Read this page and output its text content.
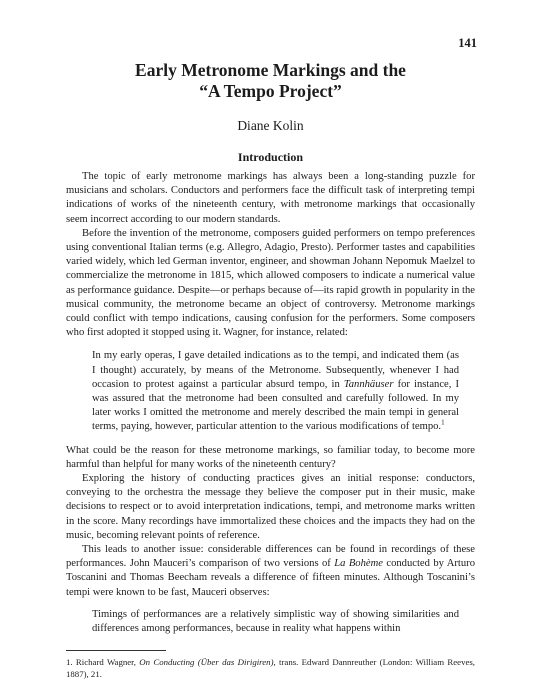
141
Early Metronome Markings and the
“A Tempo Project”
Diane Kolin
Introduction

The topic of early metronome markings has always been a long-standing puzzle for musicians and scholars. Conductors and performers face the difficult task of interpreting tempi indications of works of the nineteenth century, with metronome markings that occasionally seem incorrect according to our modern standards.

Before the invention of the metronome, composers guided performers on tempo preferences using conventional Italian terms (e.g. Allegro, Adagio, Presto). Performer tastes and capabilities varied widely, which led German inventor, engineer, and showman Johann Nepomuk Maelzel to commercialize the metronome in 1815, which allowed composers to indicate a numerical value as performance guidance. Despite—or perhaps because of—its rapid growth in popularity in the musical community, the metronome became an object of controversy. Metronome markings could conflict with tempo indications, causing confusion for the performers. Some composers who first adopted it stopped using it. Wagner, for instance, related:

In my early operas, I gave detailed indications as to the tempi, and indicated them (as I thought) accurately, by means of the Metronome. Subsequently, whenever I had occasion to protest against a particular absurd tempo, in Tannhäuser for instance, I was assured that the metronome had been consulted and carefully followed. In my later works I omitted the metronome and merely described the main tempi in general terms, paying, however, particular attention to the various modifications of tempo.$^1$

What could be the reason for these metronome markings, so familiar today, to become more harmful than helpful for many works of the nineteenth century?

Exploring the history of conducting practices gives an initial response: conductors, conveying to the orchestra the message they believe the composer put in their music, make decisions to respect or to avoid interpretation indications, tempi, and metronome marks written in the score. Many recordings have immortalized these choices and the impacts they had on the music, becoming relevant points of reference.

This leads to another issue: considerable differences can be found in recordings of these performances. John Mauceri’s comparison of two versions of La Bohème conducted by Arturo Toscanini and Thomas Beecham reveals a difference of fifteen minutes. Although Toscanini’s tempi were known to be fast, Mauceri observes:

Timings of performances are a relatively simplistic way of showing similarities and differences among performances, because in reality what happens within
1. Richard Wagner, On Conducting (Über das Dirigiren), trans. Edward Dannreuther (London: William Reeves, 1887), 21.
